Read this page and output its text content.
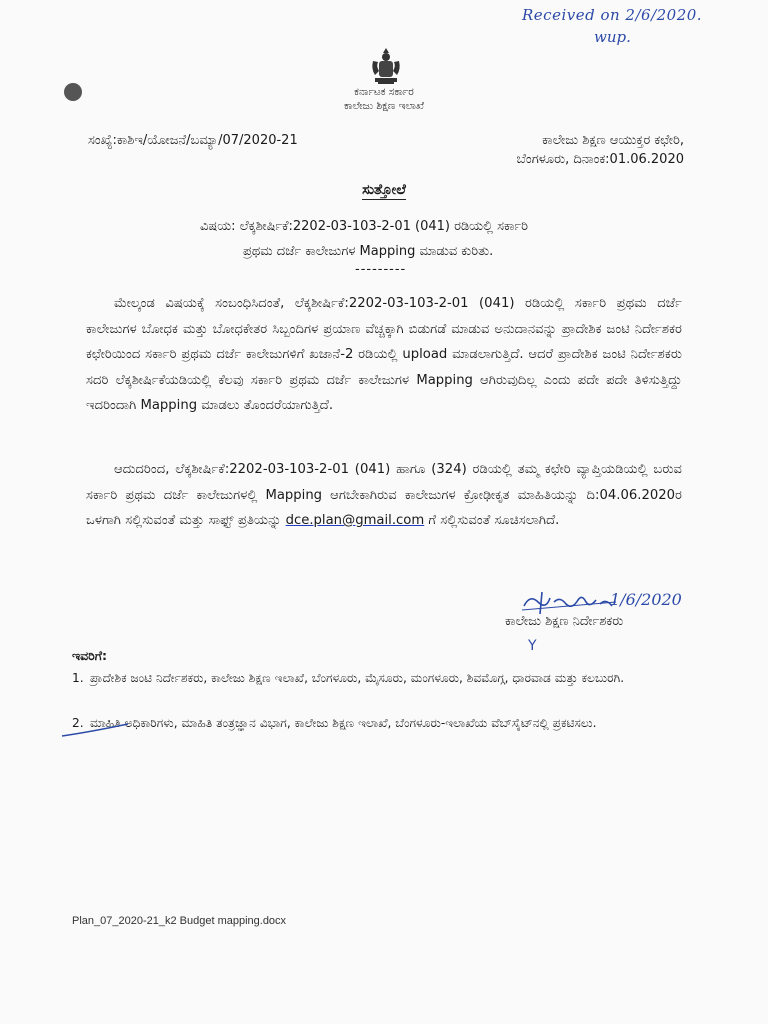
Received on 2/6/2020.
wup.
ಕರ್ನಾಟಕ ಸರ್ಕಾರ
ಕಾಲೇಜು ಶಿಕ್ಷಣ ಇಲಾಖೆ
ಸಂಖ್ಯೆ:ಕಾಶಿಇ/ಯೋಜನೆ/ಬಮ್ಯಾ/07/2020-21	ಕಾಲೇಜು ಶಿಕ್ಷಣ ಆಯುಕ್ತರ ಕಛೇರಿ,
ಬೆಂಗಳೂರು, ದಿನಾಂಕ:01.06.2020
ಸುತ್ತೋಲೆ
ವಿಷಯ: ಲೆಕ್ಕಶೀರ್ಷಿಕೆ:2202-03-103-2-01 (041) ರಡಿಯಲ್ಲಿ ಸರ್ಕಾರಿ
ಪ್ರಥಮ ದರ್ಜೆ ಕಾಲೇಜುಗಳ Mapping ಮಾಡುವ ಕುರಿತು.
---------
ಮೇಲ್ಕಂಡ ವಿಷಯಕ್ಕೆ ಸಂಬಂಧಿಸಿದಂತೆ, ಲೆಕ್ಕಶೀರ್ಷಿಕೆ:2202-03-103-2-01 (041) ರಡಿಯಲ್ಲಿ ಸರ್ಕಾರಿ ಪ್ರಥಮ ದರ್ಜೆ ಕಾಲೇಜುಗಳ ಬೋಧಕ ಮತ್ತು ಬೋಧಕೇತರ ಸಿಬ್ಬಂದಿಗಳ ಪ್ರಯಾಣ ವೆಚ್ಚಕ್ಕಾಗಿ ಬಿಡುಗಡೆ ಮಾಡುವ ಅನುದಾನವನ್ನು ಪ್ರಾದೇಶಿಕ ಜಂಟಿ ನಿರ್ದೇಶಕರ ಕಛೇರಿಯಿಂದ ಸರ್ಕಾರಿ ಪ್ರಥಮ ದರ್ಜೆ ಕಾಲೇಜುಗಳಿಗೆ ಖಜಾನೆ-2 ರಡಿಯಲ್ಲಿ upload ಮಾಡಲಾಗುತ್ತಿದೆ. ಆದರೆ ಪ್ರಾದೇಶಿಕ ಜಂಟಿ ನಿರ್ದೇಶಕರು ಸದರಿ ಲೆಕ್ಕಶೀರ್ಷಿಕೆಯಡಿಯಲ್ಲಿ ಕೆಲವು ಸರ್ಕಾರಿ ಪ್ರಥಮ ದರ್ಜೆ ಕಾಲೇಜುಗಳ Mapping ಆಗಿರುವುದಿಲ್ಲ ಎಂದು ಪದೇ ಪದೇ ತಿಳಿಸುತ್ತಿದ್ದು ಇದರಿಂದಾಗಿ Mapping ಮಾಡಲು ತೊಂದರೆಯಾಗುತ್ತಿದೆ.
ಆದುದರಿಂದ, ಲೆಕ್ಕಶೀರ್ಷಿಕೆ:2202-03-103-2-01 (041) ಹಾಗೂ (324) ರಡಿಯಲ್ಲಿ ತಮ್ಮ ಕಛೇರಿ ವ್ಯಾಪ್ತಿಯಡಿಯಲ್ಲಿ ಬರುವ ಸರ್ಕಾರಿ ಪ್ರಥಮ ದರ್ಜೆ ಕಾಲೇಜುಗಳಲ್ಲಿ Mapping ಆಗಬೇಕಾಗಿರುವ ಕಾಲೇಜುಗಳ ಕ್ರೋಢೀಕೃತ ಮಾಹಿತಿಯನ್ನು ದಿ:04.06.2020ರ ಒಳಗಾಗಿ ಸಲ್ಲಿಸುವಂತೆ ಮತ್ತು ಸಾಫ್ಟ್ ಪ್ರತಿಯನ್ನು dce.plan@gmail.com ಗೆ ಸಲ್ಲಿಸುವಂತೆ ಸೂಚಿಸಲಾಗಿದೆ.
1/6/2020
ಕಾಲೇಜು ಶಿಕ್ಷಣ ನಿರ್ದೇಶಕರು
Y
ಇವರಿಗೆ:
1. ಪ್ರಾದೇಶಿಕ ಜಂಟಿ ನಿರ್ದೇಶಕರು, ಕಾಲೇಜು ಶಿಕ್ಷಣ ಇಲಾಖೆ, ಬೆಂಗಳೂರು, ಮೈಸೂರು, ಮಂಗಳೂರು, ಶಿವಮೊಗ್ಗ, ಧಾರವಾಡ ಮತ್ತು ಕಲಬುರಗಿ.
2. ಮಾಹಿತಿ ಅಧಿಕಾರಿಗಳು, ಮಾಹಿತಿ ತಂತ್ರಜ್ಞಾನ ವಿಭಾಗ, ಕಾಲೇಜು ಶಿಕ್ಷಣ ಇಲಾಖೆ, ಬೆಂಗಳೂರು-ಇಲಾಖೆಯ ವೆಬ್‌ಸೈಟ್‌ನಲ್ಲಿ ಪ್ರಕಟಿಸಲು.
Plan_07_2020-21_k2 Budget mapping.docx
